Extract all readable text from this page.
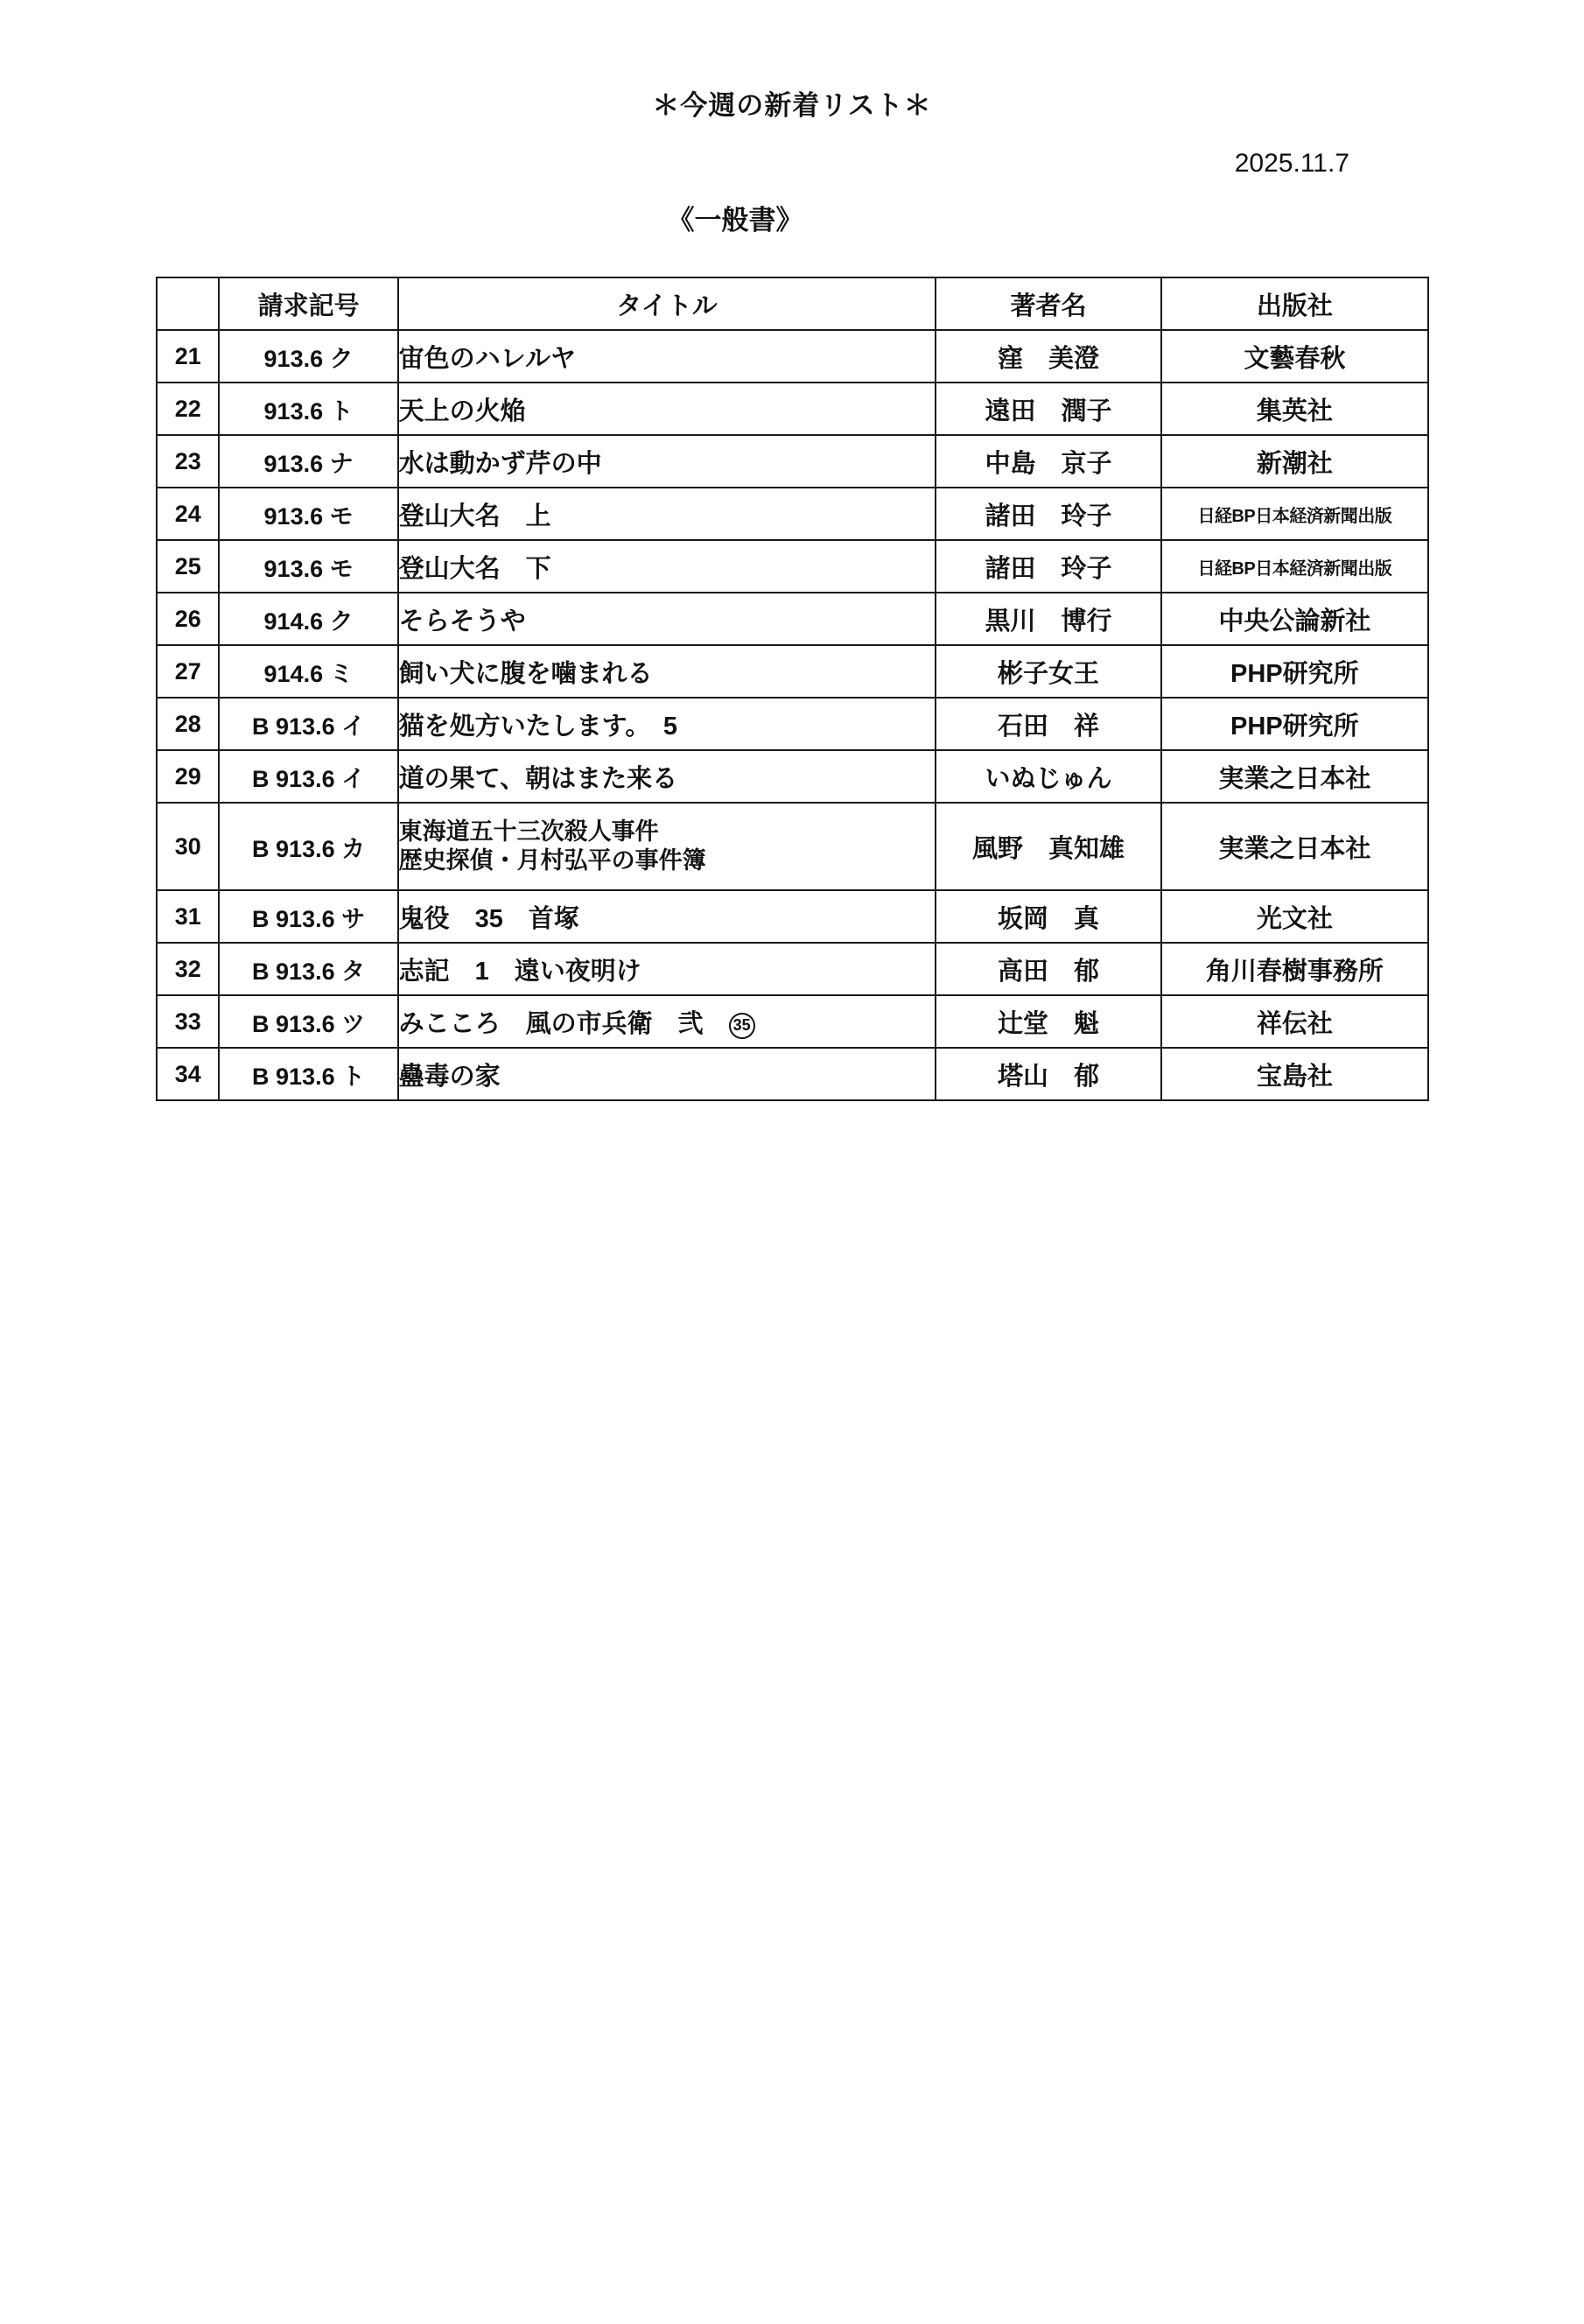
＊今週の新着リスト＊
2025.11.7
《一般書》
	請求記号	タイトル	著者名	出版社
21	913.6 ク	宙色のハレルヤ	窪　美澄	文藝春秋
22	913.6 ト	天上の火焔	遠田　潤子	集英社
23	913.6 ナ	水は動かず芹の中	中島　京子	新潮社
24	913.6 モ	登山大名　上	諸田　玲子	日経BP日本経済新聞出版
25	913.6 モ	登山大名　下	諸田　玲子	日経BP日本経済新聞出版
26	914.6 ク	そらそうや	黒川　博行	中央公論新社
27	914.6 ミ	飼い犬に腹を噛まれる	彬子女王	PHP研究所
28	B 913.6 イ	猫を処方いたします。　5	石田　祥	PHP研究所
29	B 913.6 イ	道の果て、朝はまた来る	いぬじゅん	実業之日本社
30	B 913.6 カ	東海道五十三次殺人事件
歴史探偵・月村弘平の事件簿	風野　真知雄	実業之日本社
31	B 913.6 サ	鬼役　35　首塚	坂岡　真	光文社
32	B 913.6 タ	志記　1　遠い夜明け	高田　郁	角川春樹事務所
33	B 913.6 ツ	みこころ　風の市兵衛　弐　35	辻堂　魁	祥伝社
34	B 913.6 ト	蠱毒の家	塔山　郁	宝島社
